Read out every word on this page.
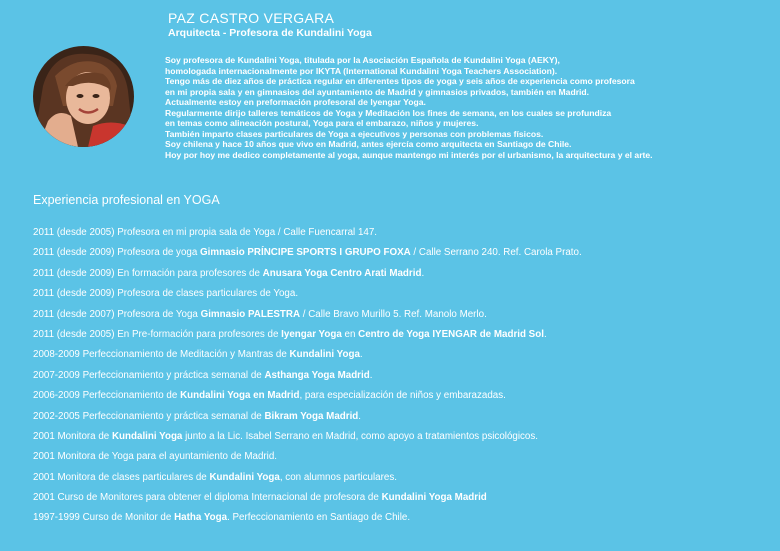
PAZ CASTRO VERGARA
Arquitecta - Profesora de Kundalini Yoga
Soy profesora de Kundalini Yoga, titulada por la Asociación Española de Kundalini Yoga (AEKY),
homologada internacionalmente por IKYTA (International Kundalini Yoga Teachers Association).
Tengo más de diez años de práctica regular en diferentes tipos de yoga y seis años de experiencia como profesora
en mi propia sala y en gimnasios del ayuntamiento de Madrid y gimnasios privados, también en Madrid.
Actualmente estoy en preformación profesoral de Iyengar Yoga.
Regularmente dirijo talleres temáticos de Yoga y Meditación los fines de semana, en los cuales se profundiza
en temas como alineación postural, Yoga para el embarazo, niños y mujeres.
También imparto clases particulares de Yoga a ejecutivos y personas con problemas físicos.
Soy chilena y hace 10 años que vivo en Madrid, antes ejercía como arquitecta en Santiago de Chile.
Hoy por hoy me dedico completamente al yoga, aunque mantengo mi interés por el urbanismo, la arquitectura y el arte.
Experiencia profesional en YOGA
2011 (desde 2005) Profesora en mi propia sala de Yoga / Calle Fuencarral 147.
2011 (desde 2009) Profesora de yoga Gimnasio PRÍNCIPE SPORTS I GRUPO FOXA / Calle Serrano 240. Ref. Carola Prato.
2011 (desde 2009) En formación para profesores de Anusara Yoga Centro Arati Madrid.
2011 (desde 2009) Profesora de clases particulares de Yoga.
2011 (desde 2007) Profesora de Yoga Gimnasio PALESTRA / Calle Bravo Murillo 5. Ref. Manolo Merlo.
2011 (desde 2005) En Pre-formación para profesores de Iyengar Yoga en Centro de Yoga IYENGAR de Madrid Sol.
2008-2009 Perfeccionamiento de Meditación y Mantras de Kundalini Yoga.
2007-2009 Perfeccionamiento y práctica semanal de Asthanga Yoga Madrid.
2006-2009 Perfeccionamiento de Kundalini Yoga en Madrid, para especialización de niños y embarazadas.
2002-2005 Perfeccionamiento y práctica semanal de Bikram Yoga Madrid.
2001 Monitora de Kundalini Yoga junto a la Lic. Isabel Serrano en Madrid, como apoyo a tratamientos psicológicos.
2001 Monitora de Yoga para el ayuntamiento de Madrid.
2001 Monitora de clases particulares de Kundalini Yoga, con alumnos particulares.
2001 Curso de Monitores para obtener el diploma Internacional de profesora de Kundalini Yoga Madrid
1997-1999 Curso de Monitor de Hatha Yoga. Perfeccionamiento en Santiago de Chile.
